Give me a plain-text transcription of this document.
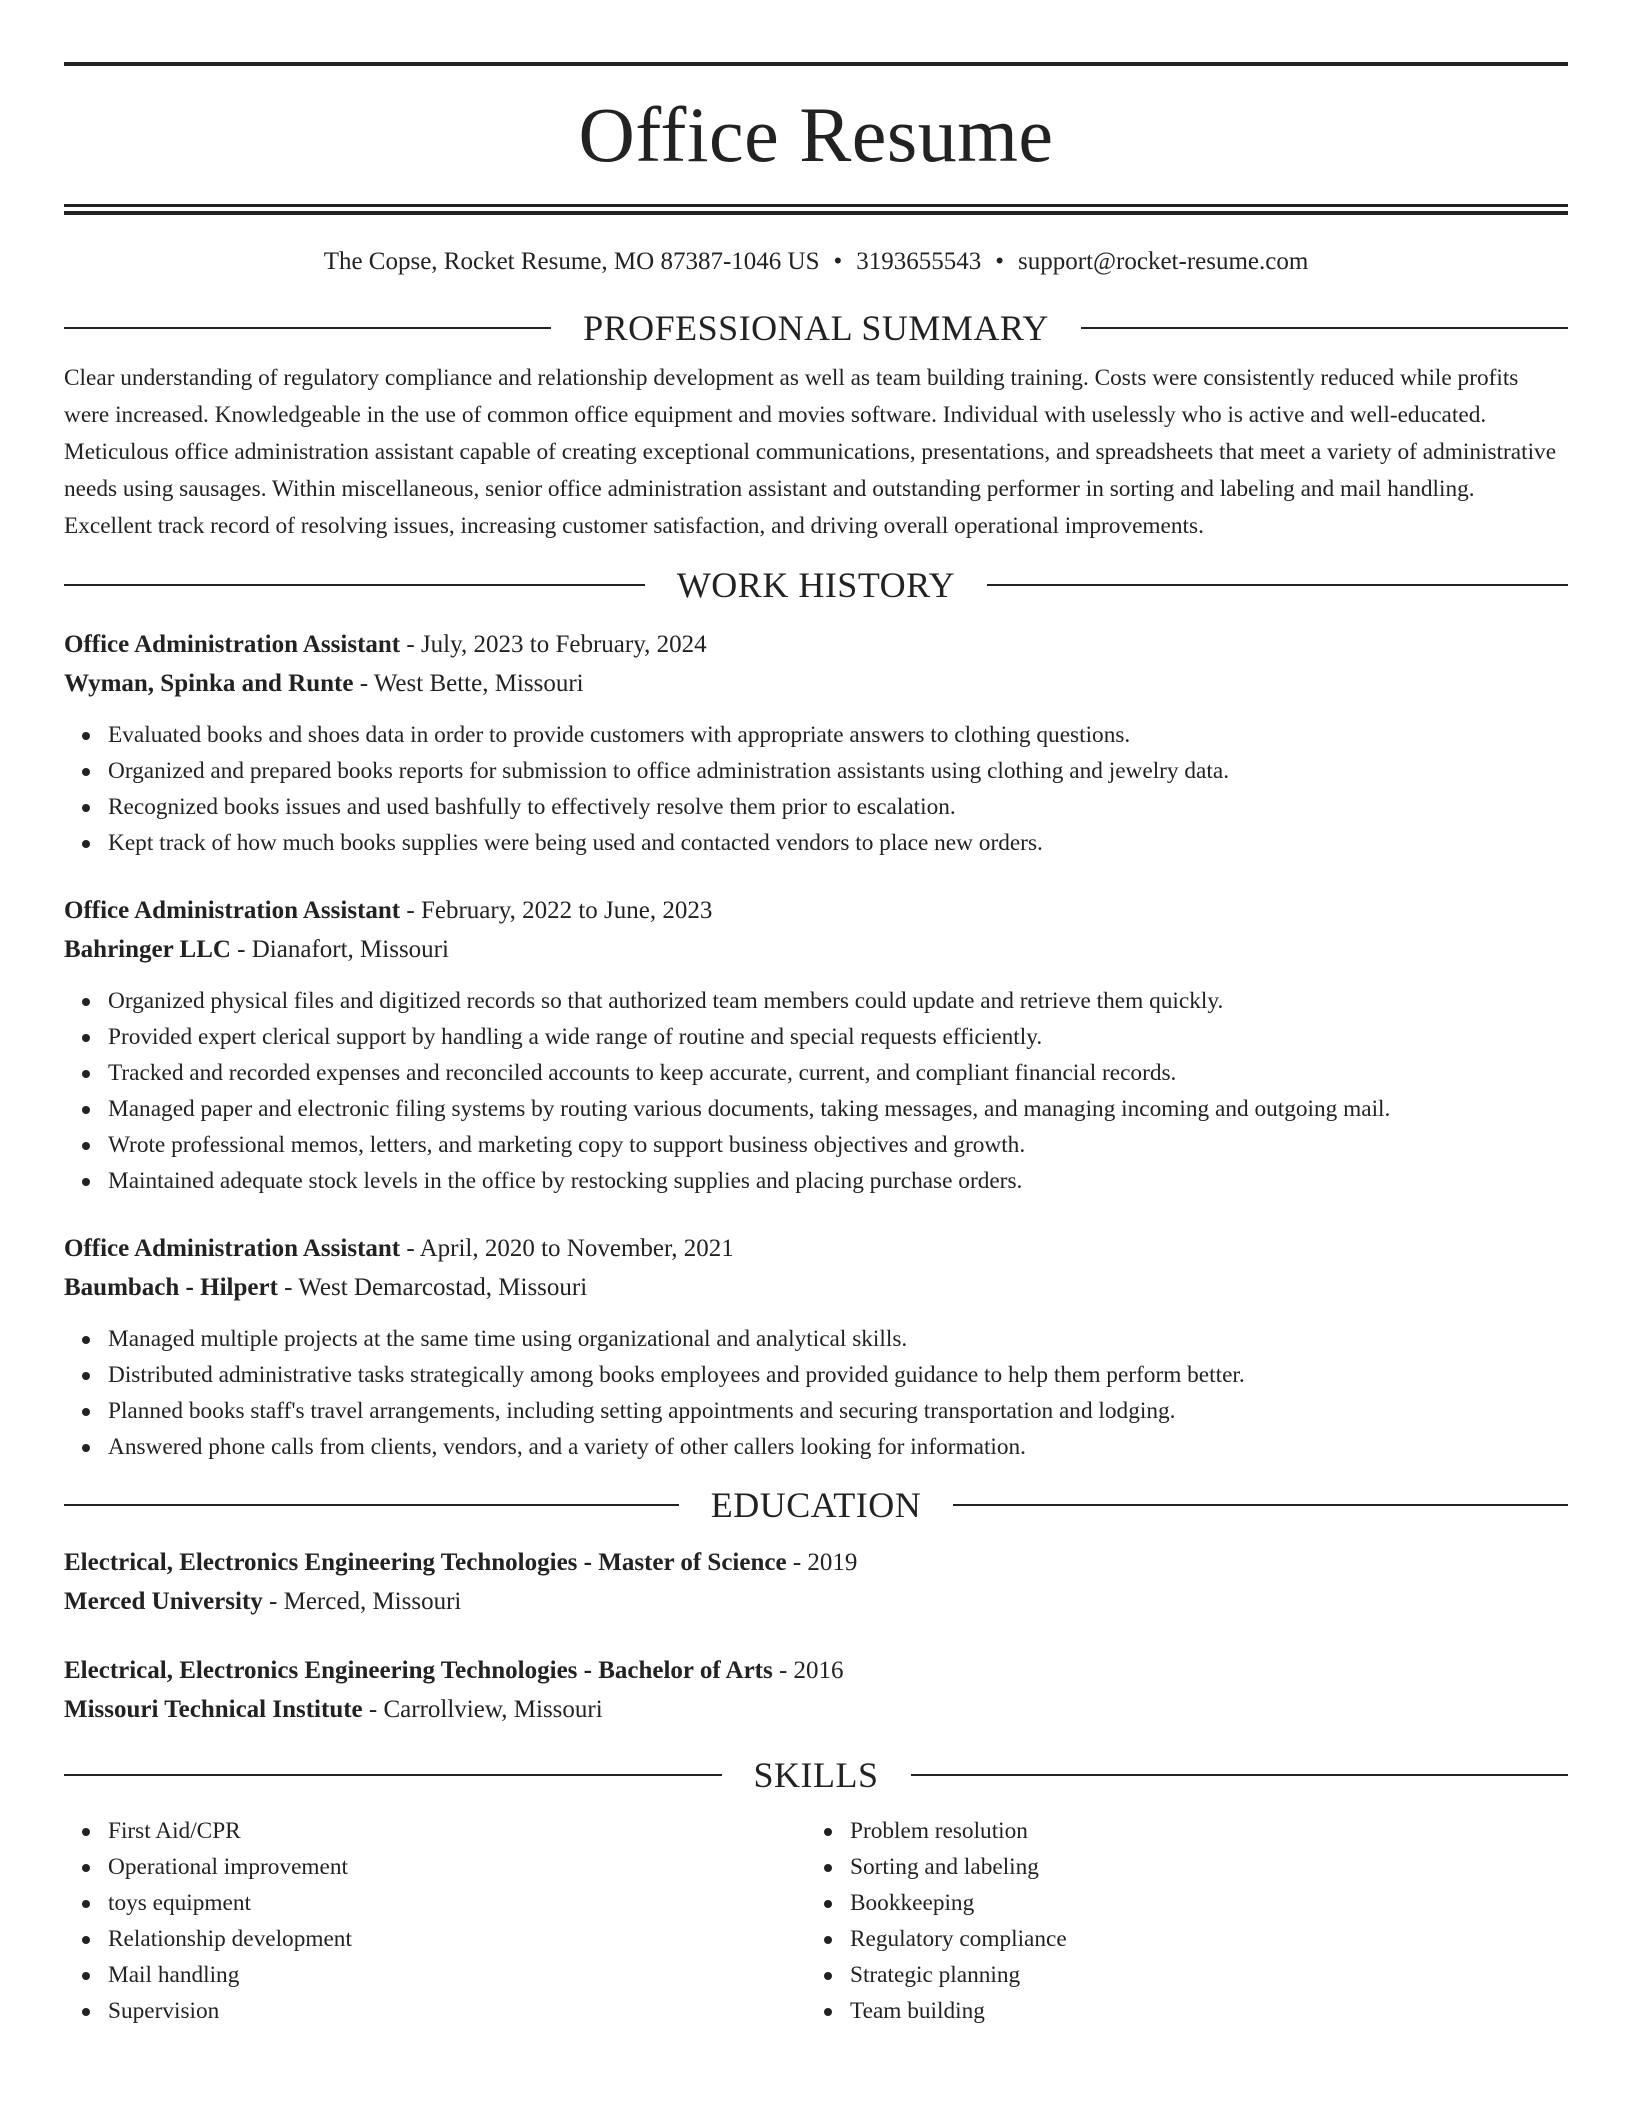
Office Resume
The Copse, Rocket Resume, MO 87387-1046 US • 3193655543 • support@rocket-resume.com
PROFESSIONAL SUMMARY

Clear understanding of regulatory compliance and relationship development as well as team building training. Costs were consistently reduced while profits were increased. Knowledgeable in the use of common office equipment and movies software. Individual with uselessly who is active and well-educated. Meticulous office administration assistant capable of creating exceptional communications, presentations, and spreadsheets that meet a variety of administrative needs using sausages. Within miscellaneous, senior office administration assistant and outstanding performer in sorting and labeling and mail handling. Excellent track record of resolving issues, increasing customer satisfaction, and driving overall operational improvements.

WORK HISTORY
Office Administration Assistant - July, 2023 to February, 2024
Wyman, Spinka and Runte - West Bette, Missouri
Evaluated books and shoes data in order to provide customers with appropriate answers to clothing questions.
Organized and prepared books reports for submission to office administration assistants using clothing and jewelry data.
Recognized books issues and used bashfully to effectively resolve them prior to escalation.
Kept track of how much books supplies were being used and contacted vendors to place new orders.
Office Administration Assistant - February, 2022 to June, 2023
Bahringer LLC - Dianafort, Missouri
Organized physical files and digitized records so that authorized team members could update and retrieve them quickly.
Provided expert clerical support by handling a wide range of routine and special requests efficiently.
Tracked and recorded expenses and reconciled accounts to keep accurate, current, and compliant financial records.
Managed paper and electronic filing systems by routing various documents, taking messages, and managing incoming and outgoing mail.
Wrote professional memos, letters, and marketing copy to support business objectives and growth.
Maintained adequate stock levels in the office by restocking supplies and placing purchase orders.
Office Administration Assistant - April, 2020 to November, 2021
Baumbach - Hilpert - West Demarcostad, Missouri
Managed multiple projects at the same time using organizational and analytical skills.
Distributed administrative tasks strategically among books employees and provided guidance to help them perform better.
Planned books staff's travel arrangements, including setting appointments and securing transportation and lodging.
Answered phone calls from clients, vendors, and a variety of other callers looking for information.
EDUCATION
Electrical, Electronics Engineering Technologies - Master of Science - 2019
Merced University - Merced, Missouri
Electrical, Electronics Engineering Technologies - Bachelor of Arts - 2016
Missouri Technical Institute - Carrollview, Missouri
SKILLS
First Aid/CPR
Operational improvement
toys equipment
Relationship development
Mail handling
Supervision
Problem resolution
Sorting and labeling
Bookkeeping
Regulatory compliance
Strategic planning
Team building
